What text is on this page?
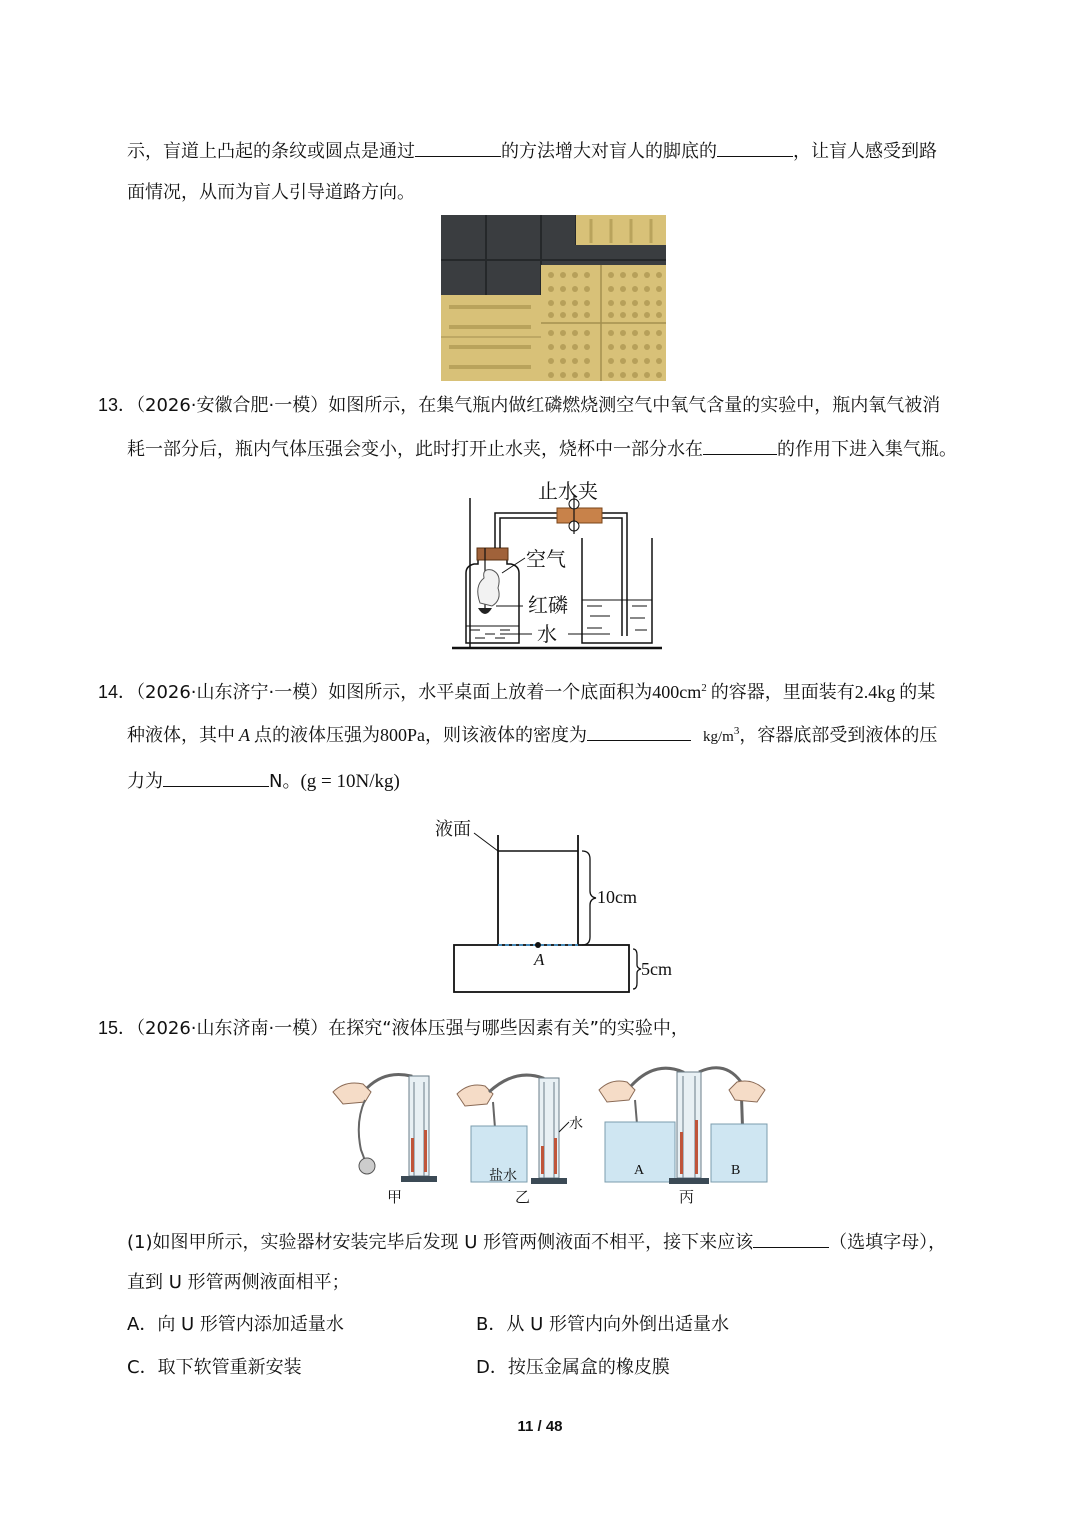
示，盲道上凸起的条纹或圆点是通过	的方法增大对盲人的脚底的	，让盲人感受到路
面情况，从而为盲人引导道路方向。
13．（2026·安徽合肥·一模）如图所示，在集气瓶内做红磷燃烧测空气中氧气含量的实验中，瓶内氧气被消
耗一部分后，瓶内气体压强会变小，此时打开止水夹，烧杯中一部分水在	的作用下进入集气瓶。
止水夹
空气
红磷
水
14．（2026·山东济宁·一模）如图所示，水平桌面上放着一个底面积为$400cm^2$ 的容器，里面装有2.4kg 的某
种液体，其中 A 点的液体压强为800Pa，则该液体的密度为	$kg/m^3$，容器底部受到液体的压
力为	N。(g = 10N/kg)
液面
10cm
5cm
A
15．（2026·山东济南·一模）在探究“液体压强与哪些因素有关”的实验中，
甲	乙	丙
水
盐水	A	B
(1)如图甲所示，实验器材安装完毕后发现 U 形管两侧液面不相平，接下来应该	（选填字母），
直到 U 形管两侧液面相平；
A．向 U 形管内添加适量水	B．从 U 形管内向外倒出适量水
C．取下软管重新安装	D．按压金属盒的橡皮膜
11 / 48
